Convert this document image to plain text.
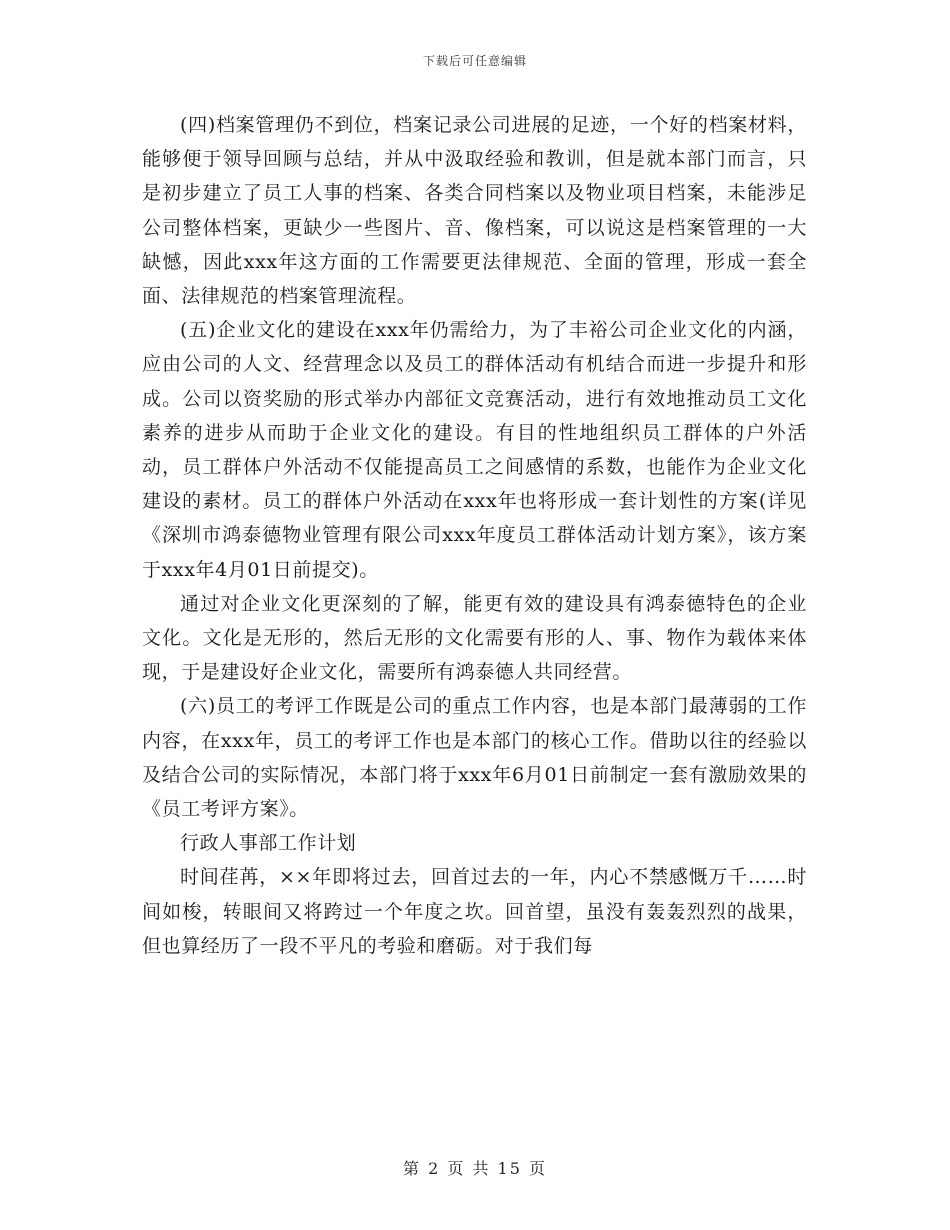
下载后可任意编辑

(四)档案管理仍不到位，档案记录公司进展的足迹，一个好的档案材料，能够便于领导回顾与总结，并从中汲取经验和教训，但是就本部门而言，只是初步建立了员工人事的档案、各类合同档案以及物业项目档案，未能涉足公司整体档案，更缺少一些图片、音、像档案，可以说这是档案管理的一大缺憾，因此xxx年这方面的工作需要更法律规范、全面的管理，形成一套全面、法律规范的档案管理流程。

(五)企业文化的建设在xxx年仍需给力，为了丰裕公司企业文化的内涵，应由公司的人文、经营理念以及员工的群体活动有机结合而进一步提升和形成。公司以资奖励的形式举办内部征文竞赛活动，进行有效地推动员工文化素养的进步从而助于企业文化的建设。有目的性地组织员工群体的户外活动，员工群体户外活动不仅能提高员工之间感情的系数，也能作为企业文化建设的素材。员工的群体户外活动在xxx年也将形成一套计划性的方案(详见《深圳市鸿泰德物业管理有限公司xxx年度员工群体活动计划方案》，该方案于xxx年4月01日前提交)。

通过对企业文化更深刻的了解，能更有效的建设具有鸿泰德特色的企业文化。文化是无形的，然后无形的文化需要有形的人、事、物作为载体来体现，于是建设好企业文化，需要所有鸿泰德人共同经营。

(六)员工的考评工作既是公司的重点工作内容，也是本部门最薄弱的工作内容，在xxx年，员工的考评工作也是本部门的核心工作。借助以往的经验以及结合公司的实际情况，本部门将于xxx年6月01日前制定一套有激励效果的《员工考评方案》。

行政人事部工作计划

时间荏苒，××年即将过去，回首过去的一年，内心不禁感慨万千……时间如梭，转眼间又将跨过一个年度之坎。回首望，虽没有轰轰烈烈的战果，但也算经历了一段不平凡的考验和磨砺。对于我们每

第 2 页 共 15 页
